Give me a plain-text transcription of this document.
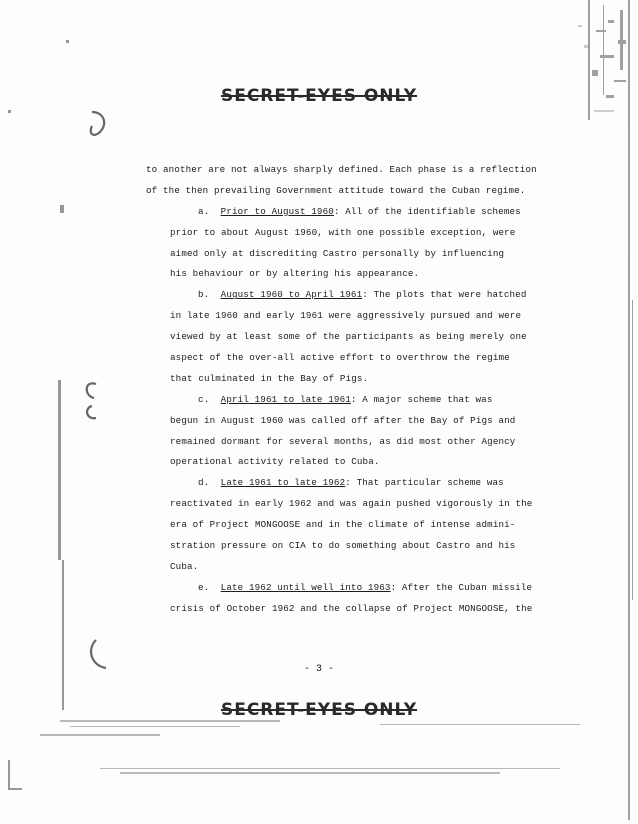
SECRET-EYES ONLY
to another are not always sharply defined. Each phase is a reflection
of the then prevailing Government attitude toward the Cuban regime.
a. Prior to August 1960: All of the identifiable schemes
prior to about August 1960, with one possible exception, were
aimed only at discrediting Castro personally by influencing
his behaviour or by altering his appearance.
b. August 1960 to April 1961: The plots that were hatched
in late 1960 and early 1961 were aggressively pursued and were
viewed by at least some of the participants as being merely one
aspect of the over-all active effort to overthrow the regime
that culminated in the Bay of Pigs.
c. April 1961 to late 1961: A major scheme that was
begun in August 1960 was called off after the Bay of Pigs and
remained dormant for several months, as did most other Agency
operational activity related to Cuba.
d. Late 1961 to late 1962: That particular scheme was
reactivated in early 1962 and was again pushed vigorously in the
era of Project MONGOOSE and in the climate of intense admini-
stration pressure on CIA to do something about Castro and his
Cuba.
e. Late 1962 until well into 1963: After the Cuban missile
crisis of October 1962 and the collapse of Project MONGOOSE, the
- 3 -
SECRET-EYES ONLY
